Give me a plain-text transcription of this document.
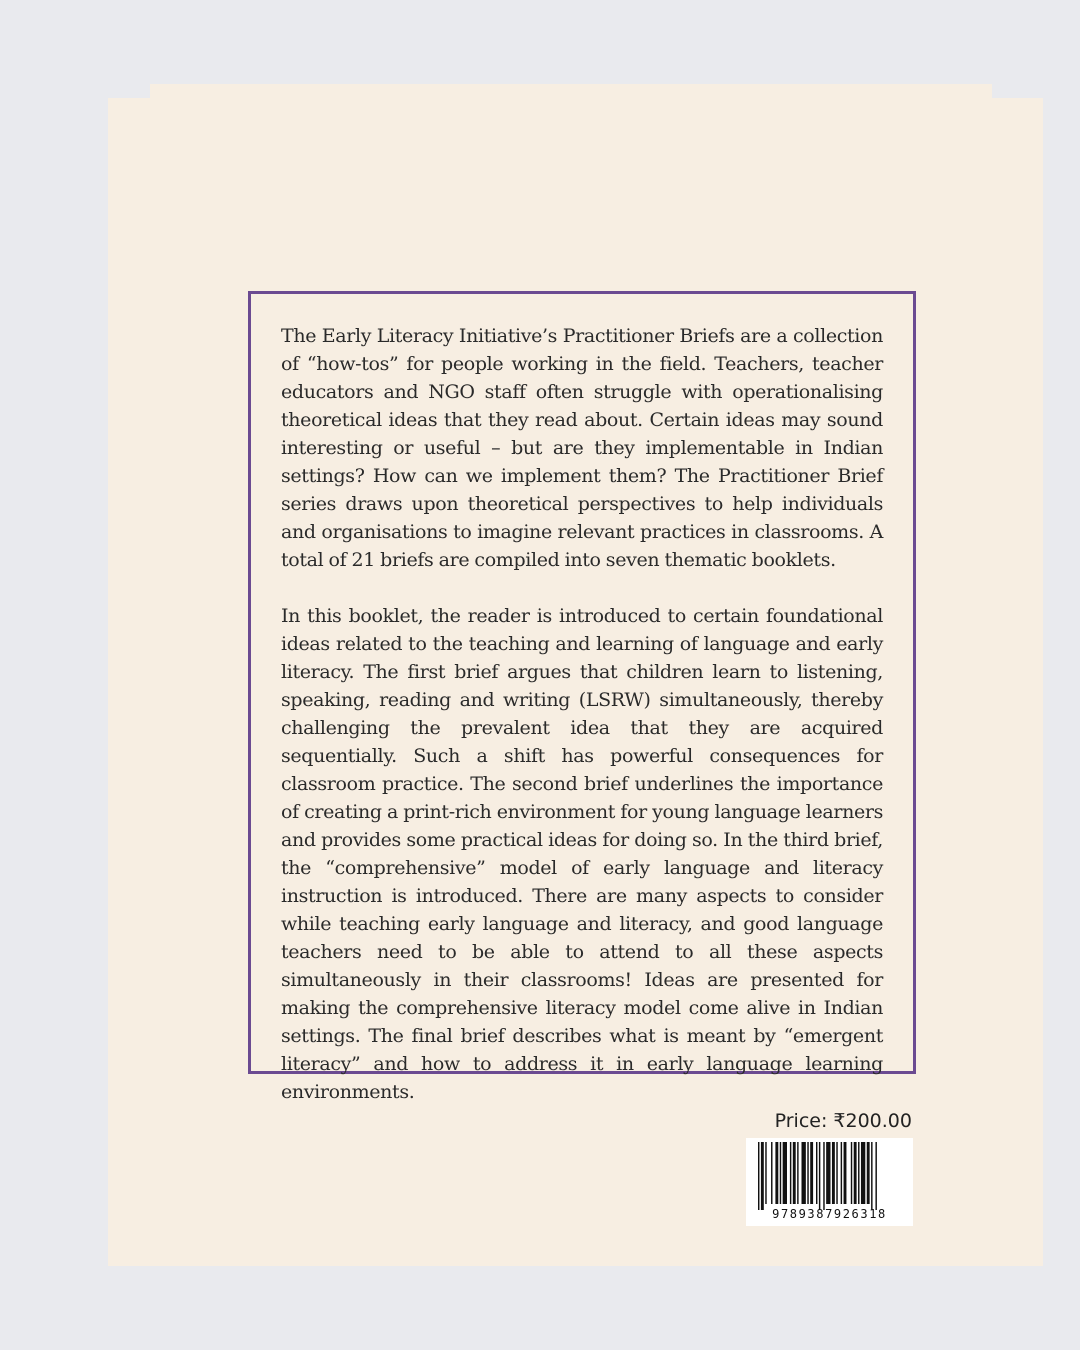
The Early Literacy Initiative’s Practitioner Briefs are a collection of “how-tos” for people working in the field. Teachers, teacher educators and NGO staff often struggle with operationalising theoretical ideas that they read about. Certain ideas may sound interesting or useful – but are they implementable in Indian settings? How can we implement them? The Practitioner Brief series draws upon theoretical perspectives to help individuals and organisations to imagine relevant practices in classrooms. A total of 21 briefs are compiled into seven thematic booklets.

In this booklet, the reader is introduced to certain foundational ideas related to the teaching and learning of language and early literacy. The first brief argues that children learn to listening, speaking, reading and writing (LSRW) simultaneously, thereby challenging the prevalent idea that they are acquired sequentially. Such a shift has powerful consequences for classroom practice. The second brief underlines the importance of creating a print-rich environment for young language learners and provides some practical ideas for doing so. In the third brief, the “comprehensive” model of early language and literacy instruction is introduced. There are many aspects to consider while teaching early language and literacy, and good language teachers need to be able to attend to all these aspects simultaneously in their classrooms! Ideas are presented for making the comprehensive literacy model come alive in Indian settings. The final brief describes what is meant by “emergent literacy” and how to address it in early language learning environments.

Price: ₹200.00
9789387926318
